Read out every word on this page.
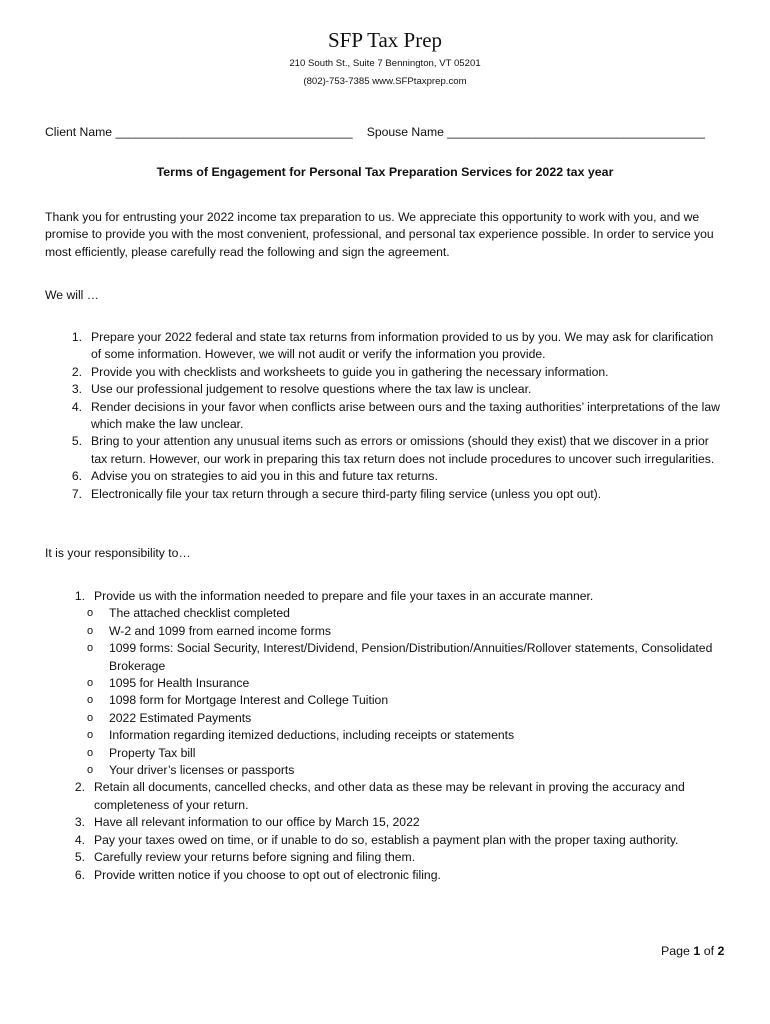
SFP Tax Prep
210 South St., Suite 7 Bennington, VT 05201
(802)-753-7385 www.SFPtaxprep.com
Client Name ___________________________________ Spouse Name ______________________________________
Terms of Engagement for Personal Tax Preparation Services for 2022 tax year
Thank you for entrusting your 2022 income tax preparation to us. We appreciate this opportunity to work with you, and we promise to provide you with the most convenient, professional, and personal tax experience possible. In order to service you most efficiently, please carefully read the following and sign the agreement.
We will …
1. Prepare your 2022 federal and state tax returns from information provided to us by you. We may ask for clarification of some information. However, we will not audit or verify the information you provide.
2. Provide you with checklists and worksheets to guide you in gathering the necessary information.
3. Use our professional judgement to resolve questions where the tax law is unclear.
4. Render decisions in your favor when conflicts arise between ours and the taxing authorities’ interpretations of the law which make the law unclear.
5. Bring to your attention any unusual items such as errors or omissions (should they exist) that we discover in a prior tax return. However, our work in preparing this tax return does not include procedures to uncover such irregularities.
6. Advise you on strategies to aid you in this and future tax returns.
7. Electronically file your tax return through a secure third-party filing service (unless you opt out).
It is your responsibility to…
1. Provide us with the information needed to prepare and file your taxes in an accurate manner.
o The attached checklist completed
o W-2 and 1099 from earned income forms
o 1099 forms: Social Security, Interest/Dividend, Pension/Distribution/Annuities/Rollover statements, Consolidated Brokerage
o 1095 for Health Insurance
o 1098 form for Mortgage Interest and College Tuition
o 2022 Estimated Payments
o Information regarding itemized deductions, including receipts or statements
o Property Tax bill
o Your driver’s licenses or passports
2. Retain all documents, cancelled checks, and other data as these may be relevant in proving the accuracy and completeness of your return.
3. Have all relevant information to our office by March 15, 2022
4. Pay your taxes owed on time, or if unable to do so, establish a payment plan with the proper taxing authority.
5. Carefully review your returns before signing and filing them.
6. Provide written notice if you choose to opt out of electronic filing.
Page 1 of 2
